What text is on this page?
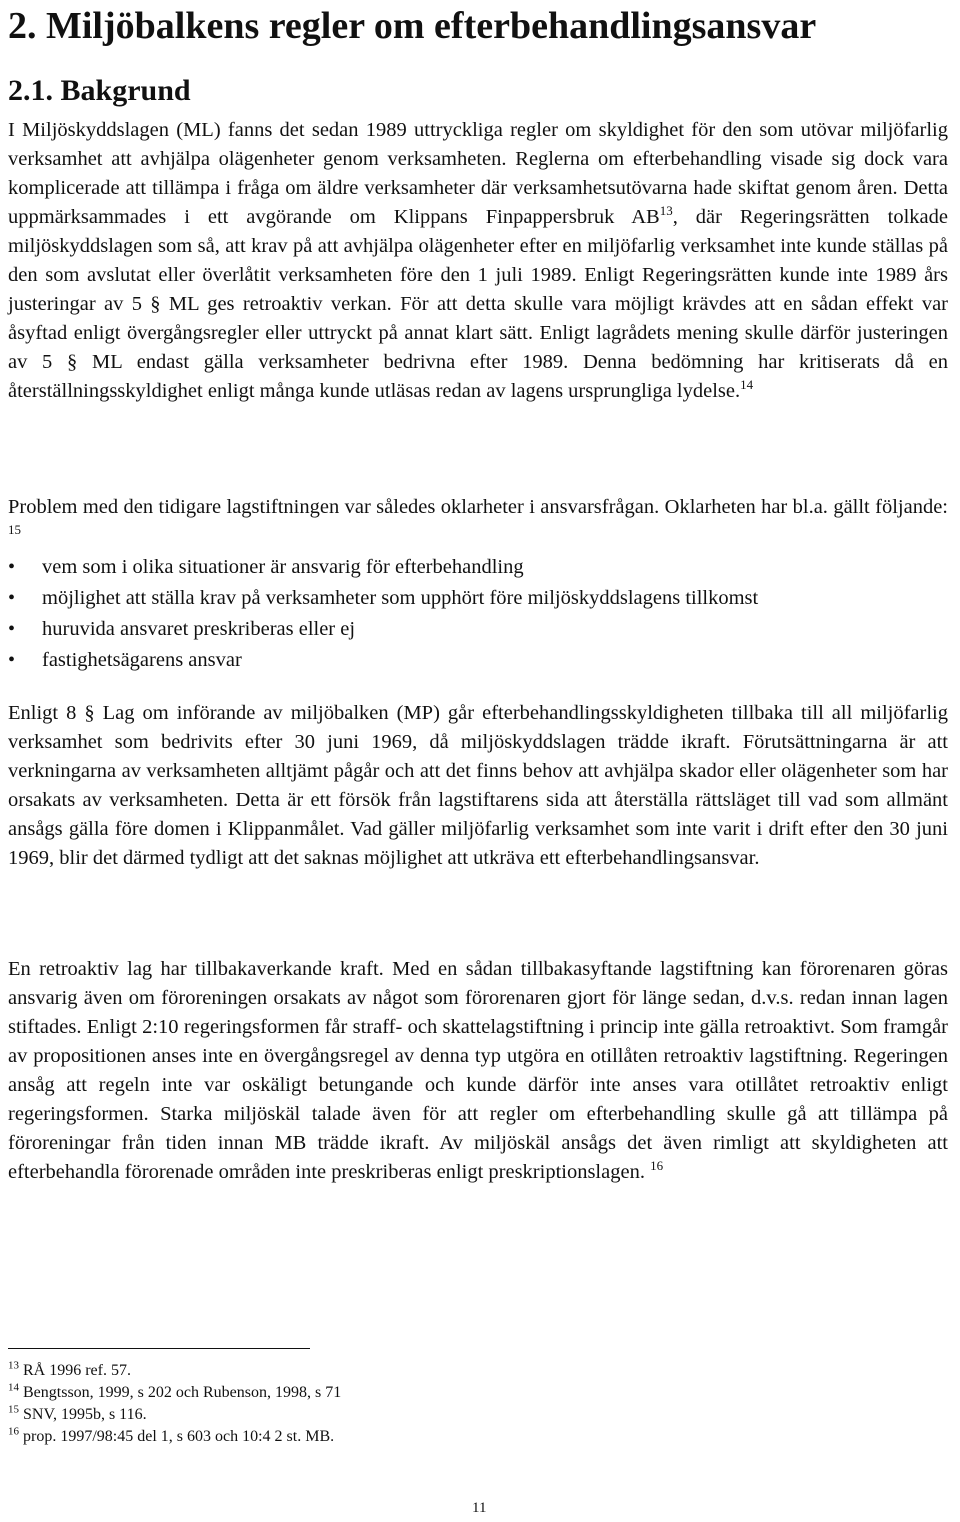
2. Miljöbalkens regler om efterbehandlingsansvar
2.1. Bakgrund

I Miljöskyddslagen (ML) fanns det sedan 1989 uttryckliga regler om skyldighet för den som utövar miljöfarlig verksamhet att avhjälpa olägenheter genom verksamheten. Reglerna om efterbehandling visade sig dock vara komplicerade att tillämpa i fråga om äldre verksamheter där verksamhetsutövarna hade skiftat genom åren. Detta uppmärksammades i ett avgörande om Klippans Finpappersbruk AB$^{13}$, där Regeringsrätten tolkade miljöskyddslagen som så, att krav på att avhjälpa olägenheter efter en miljöfarlig verksamhet inte kunde ställas på den som avslutat eller överlåtit verksamheten före den 1 juli 1989. Enligt Regeringsrätten kunde inte 1989 års justeringar av 5 § ML ges retroaktiv verkan. För att detta skulle vara möjligt krävdes att en sådan effekt var åsyftad enligt övergångsregler eller uttryckt på annat klart sätt. Enligt lagrådets mening skulle därför justeringen av 5 § ML endast gälla verksamheter bedrivna efter 1989. Denna bedömning har kritiserats då en återställningsskyldighet enligt många kunde utläsas redan av lagens ursprungliga lydelse.$^{14}$

Problem med den tidigare lagstiftningen var således oklarheter i ansvarsfrågan. Oklarheten har bl.a. gällt följande: $^{15}$

• vem som i olika situationer är ansvarig för efterbehandling
• möjlighet att ställa krav på verksamheter som upphört före miljöskyddslagens tillkomst
• huruvida ansvaret preskriberas eller ej
• fastighetsägarens ansvar

Enligt 8 § Lag om införande av miljöbalken (MP) går efterbehandlingsskyldigheten tillbaka till all miljöfarlig verksamhet som bedrivits efter 30 juni 1969, då miljöskyddslagen trädde ikraft. Förutsättningarna är att verkningarna av verksamheten alltjämt pågår och att det finns behov att avhjälpa skador eller olägenheter som har orsakats av verksamheten. Detta är ett försök från lagstiftarens sida att återställa rättsläget till vad som allmänt ansågs gälla före domen i Klippanmålet. Vad gäller miljöfarlig verksamhet som inte varit i drift efter den 30 juni 1969, blir det därmed tydligt att det saknas möjlighet att utkräva ett efterbehandlingsansvar.

En retroaktiv lag har tillbakaverkande kraft. Med en sådan tillbakasyftande lagstiftning kan förorenaren göras ansvarig även om föroreningen orsakats av något som förorenaren gjort för länge sedan, d.v.s. redan innan lagen stiftades. Enligt 2:10 regeringsformen får straff- och skattelagstiftning i princip inte gälla retroaktivt. Som framgår av propositionen anses inte en övergångsregel av denna typ utgöra en otillåten retroaktiv lagstiftning. Regeringen ansåg att regeln inte var oskäligt betungande och kunde därför inte anses vara otillåtet retroaktiv enligt regeringsformen. Starka miljöskäl talade även för att regler om efterbehandling skulle gå att tillämpa på föroreningar från tiden innan MB trädde ikraft. Av miljöskäl ansågs det även rimligt att skyldigheten att efterbehandla förorenade områden inte preskriberas enligt preskriptionslagen. $^{16}$

$^{13}$ RÅ 1996 ref. 57.
$^{14}$ Bengtsson, 1999, s 202 och Rubenson, 1998, s 71
$^{15}$ SNV, 1995b, s 116.
$^{16}$ prop. 1997/98:45 del 1, s 603 och 10:4 2 st. MB.
11
